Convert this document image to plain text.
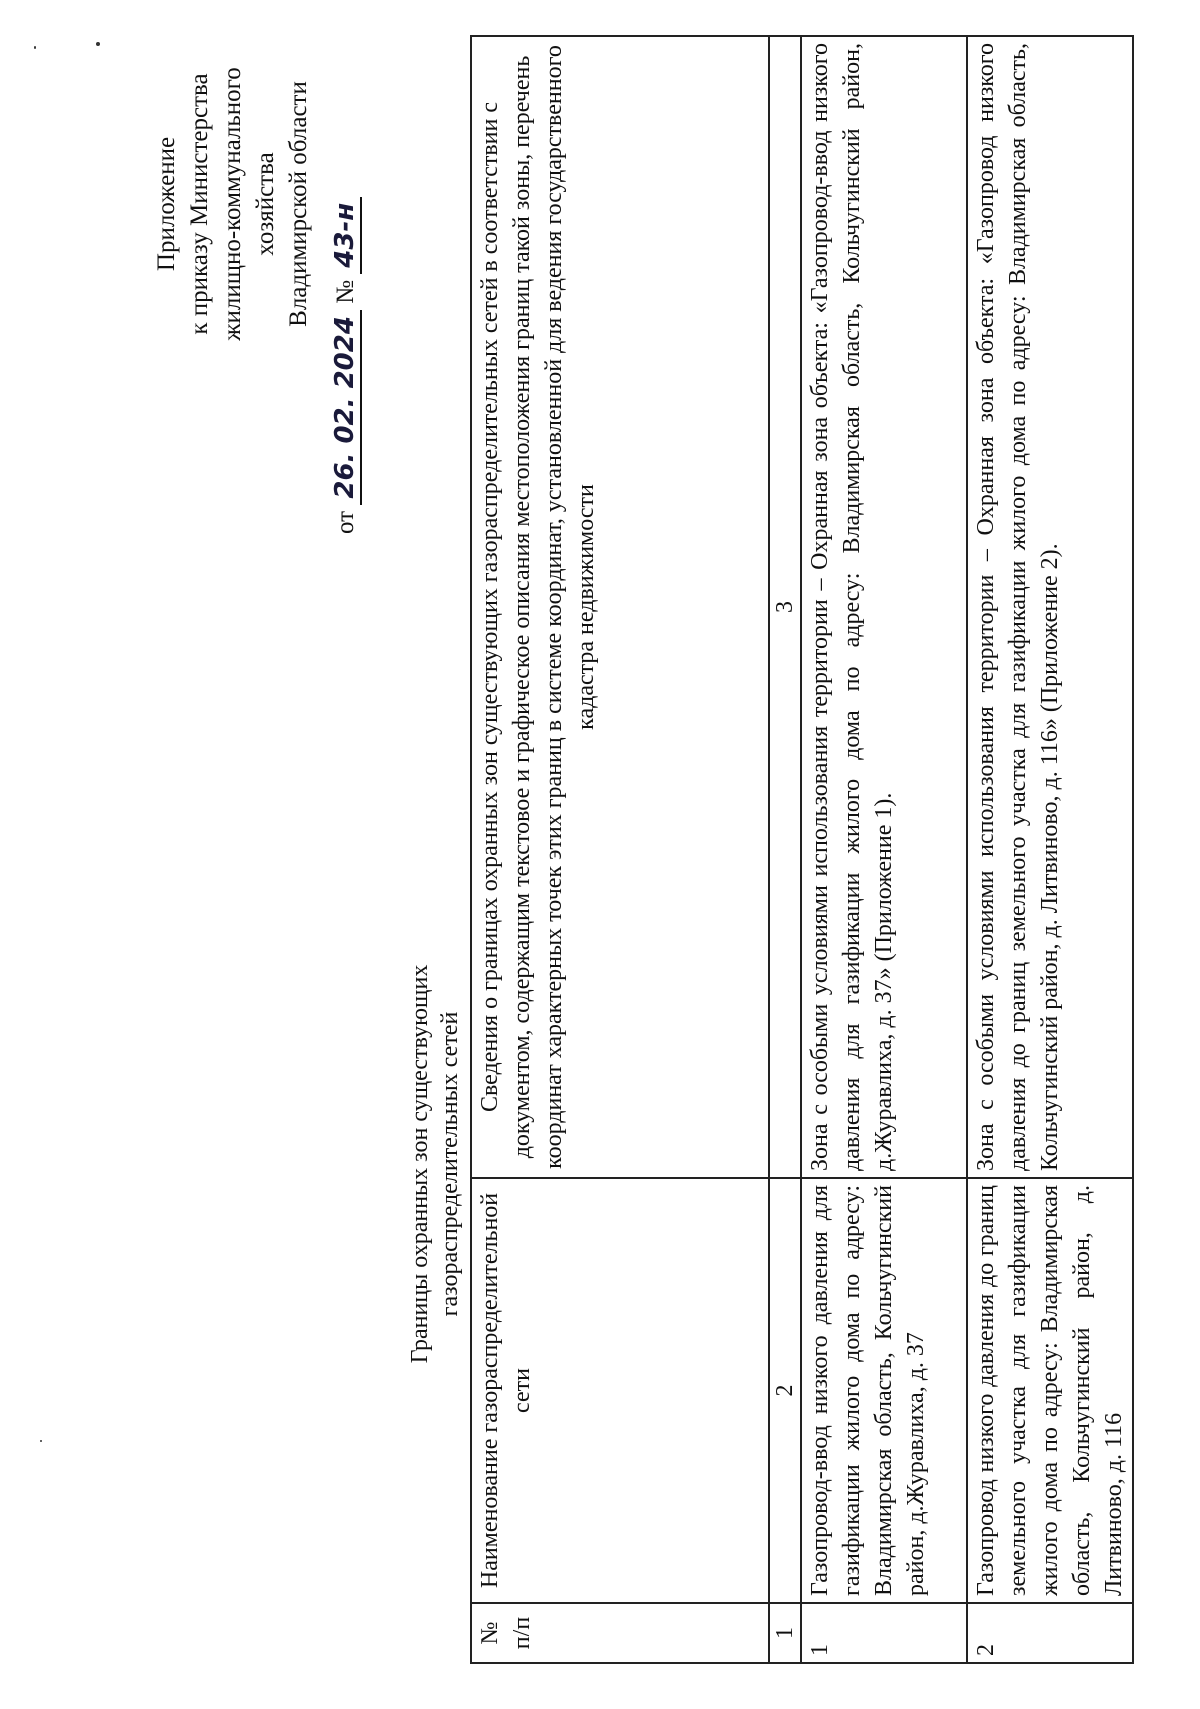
Приложение к приказу Министерства жилищно-коммунального хозяйства Владимирской области
от 26. 02. 2024 № 43-н
Границы охранных зон существующих газораспределительных сетей
№ п/п	Наименование газораспределительной сети	Сведения о границах охранных зон существующих газораспределительных сетей в соответствии с документом, содержащим текстовое и графическое описания местоположения границ такой зоны, перечень координат характерных точек этих границ в системе координат, установленной для ведения государственного кадастра недвижимости
1	2	3
1	Газопровод-ввод низкого давления для газификации жилого дома по адресу: Владимирская область, Кольчугинский район, д.Журавлиха, д. 37	Зона с особыми условиями использования территории – Охранная зона объекта: «Газопровод-ввод низкого давления для газификации жилого дома по адресу: Владимирская область, Кольчугинский район, д.Журавлиха, д. 37» (Приложение 1).
2	Газопровод низкого давления до границ земельного участка для газификации жилого дома по адресу: Владимирская область, Кольчугинский район, д. Литвиново, д. 116	Зона с особыми условиями использования территории – Охранная зона объекта: «Газопровод низкого давления до границ земельного участка для газификации жилого дома по адресу: Владимирская область, Кольчугинский район, д. Литвиново, д. 116» (Приложение 2).
